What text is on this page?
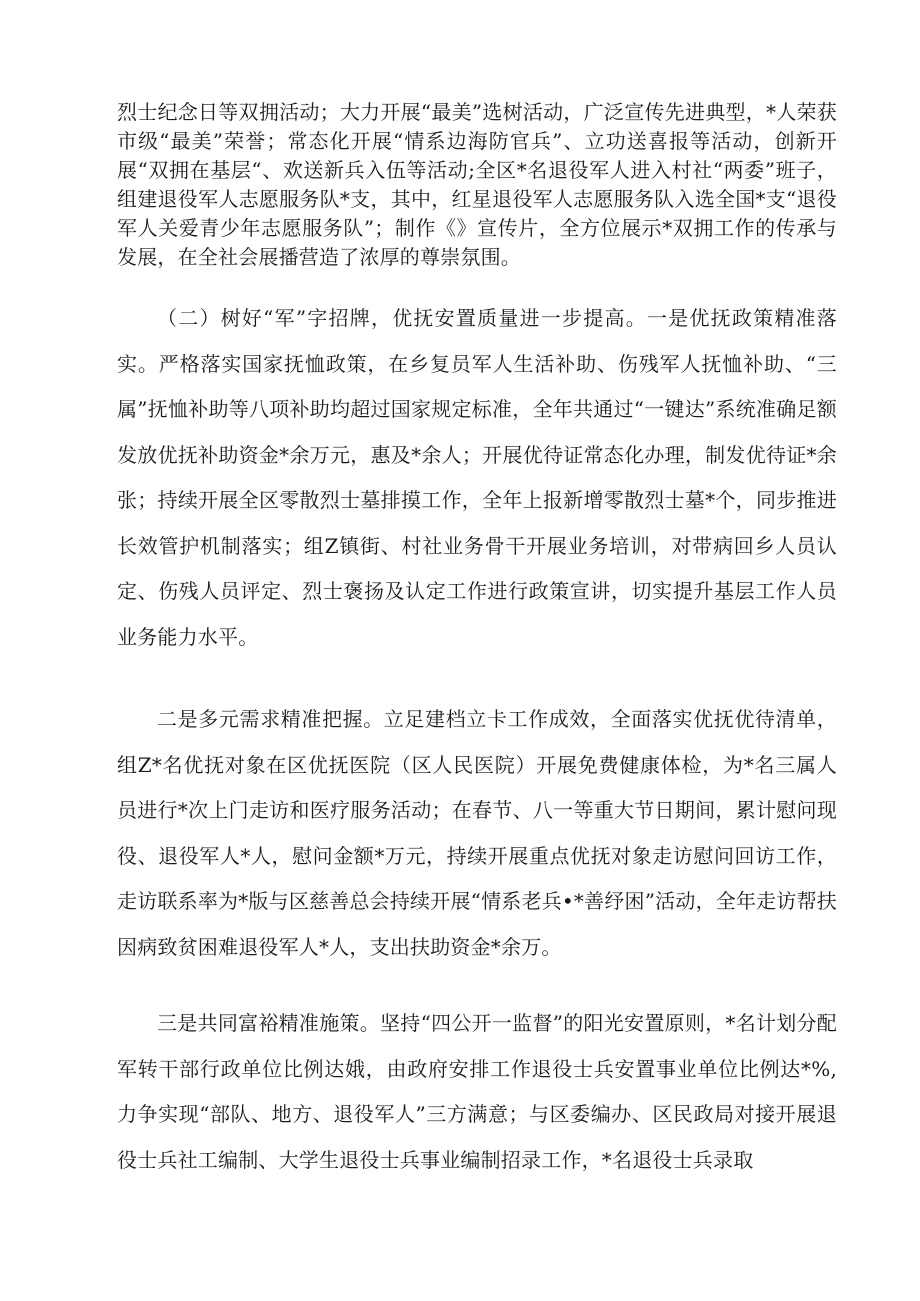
烈士纪念日等双拥活动；大力开展“最美”选树活动，广泛宣传先进典型，*人荣获市级“最美”荣誉；常态化开展“情系边海防官兵”、立功送喜报等活动，创新开展“双拥在基层“、欢送新兵入伍等活动;全区*名退役军人进入村社“两委”班子，组建退役军人志愿服务队*支，其中，红星退役军人志愿服务队入选全国*支“退役军人关爱青少年志愿服务队”；制作《》宣传片，全方位展示*双拥工作的传承与发展，在全社会展播营造了浓厚的尊崇氛围。

（二）树好“军”字招牌，优抚安置质量进一步提高。一是优抚政策精准落实。严格落实国家抚恤政策，在乡复员军人生活补助、伤残军人抚恤补助、“三属”抚恤补助等八项补助均超过国家规定标准，全年共通过“一键达”系统准确足额发放优抚补助资金*余万元，惠及*余人；开展优待证常态化办理，制发优待证*余张；持续开展全区零散烈士墓排摸工作，全年上报新增零散烈士墓*个，同步推进长效管护机制落实；组Z镇街、村社业务骨干开展业务培训，对带病回乡人员认定、伤残人员评定、烈士褒扬及认定工作进行政策宣讲，切实提升基层工作人员业务能力水平。

二是多元需求精准把握。立足建档立卡工作成效，全面落实优抚优待清单，组Z*名优抚对象在区优抚医院（区人民医院）开展免费健康体检，为*名三属人员进行*次上门走访和医疗服务活动；在春节、八一等重大节日期间，累计慰问现役、退役军人*人，慰问金额*万元，持续开展重点优抚对象走访慰问回访工作，走访联系率为*版与区慈善总会持续开展“情系老兵•*善纾困”活动，全年走访帮扶因病致贫困难退役军人*人，支出扶助资金*余万。

三是共同富裕精准施策。坚持“四公开一监督”的阳光安置原则，*名计划分配军转干部行政单位比例达娥，由政府安排工作退役士兵安置事业单位比例达*%,力争实现“部队、地方、退役军人”三方满意；与区委编办、区民政局对接开展退役士兵社工编制、大学生退役士兵事业编制招录工作，*名退役士兵录取
